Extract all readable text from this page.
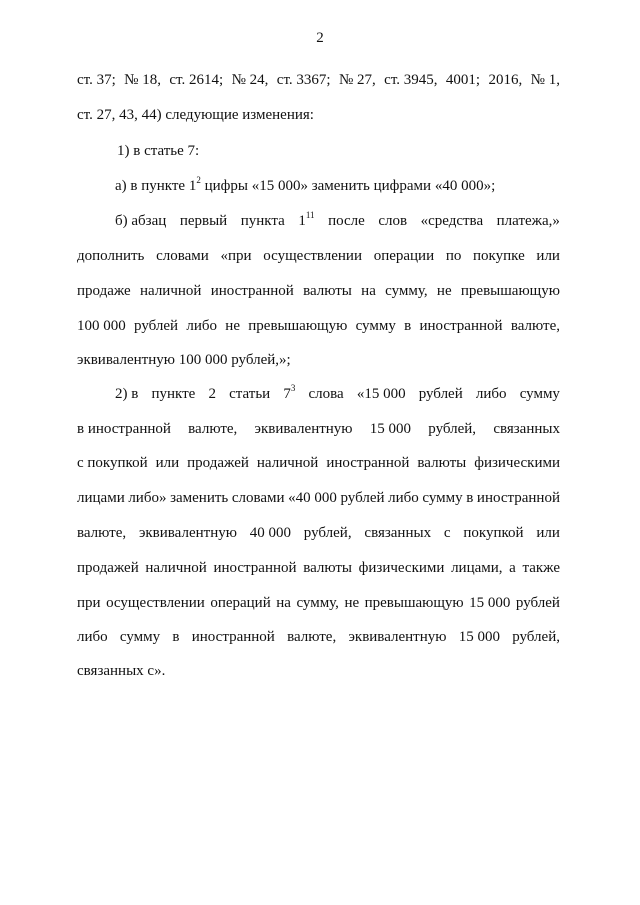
2
ст. 37; № 18, ст. 2614; № 24, ст. 3367; № 27, ст. 3945, 4001; 2016, № 1,
ст. 27, 43, 44) следующие изменения:
1) в статье 7:
а) в пункте $1^2$ цифры «15 000» заменить цифрами «40 000»;
б) абзац первый пункта $1^{11}$ после слов «средства платежа,»
дополнить словами «при осуществлении операции по покупке или
продаже наличной иностранной валюты на сумму, не превышающую
100 000 рублей либо не превышающую сумму в иностранной валюте,
эквивалентную 100 000 рублей,»;
2) в пункте 2 статьи $7^3$ слова «15 000 рублей либо сумму
в иностранной валюте, эквивалентную 15 000 рублей, связанных
с покупкой или продажей наличной иностранной валюты физическими
лицами либо» заменить словами «40 000 рублей либо сумму в иностранной
валюте, эквивалентную 40 000 рублей, связанных с покупкой или
продажей наличной иностранной валюты физическими лицами, а также
при осуществлении операций на сумму, не превышающую 15 000 рублей
либо сумму в иностранной валюте, эквивалентную 15 000 рублей,
связанных с».
